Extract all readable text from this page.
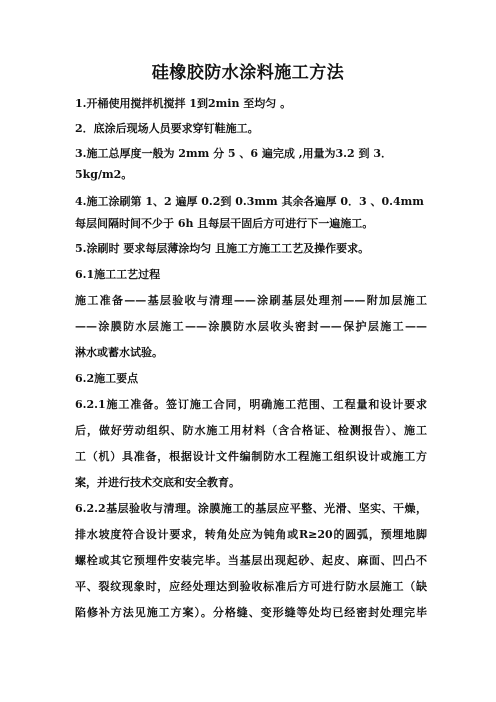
硅橡胶防水涂料施工方法
1.开桶使用搅拌机搅拌 1到2min 至均匀 。
2．底涂后现场人员要求穿钉鞋施工。
3.施工总厚度一般为 2mm 分 5 、6 遍完成 ,用量为3.2 到 3．
5kg/m2。
4.施工涂刷第 1、2 遍厚 0.2到 0.3mm 其余各遍厚 0．3 、0.4mm
每层间隔时间不少于 6h 且每层干固后方可进行下一遍施工。
5.涂刷时 要求每层薄涂均匀 且施工方施工工艺及操作要求。
6.1施工工艺过程
施工准备——基层验收与清理——涂刷基层处理剂——附加层施工
——涂膜防水层施工——涂膜防水层收头密封——保护层施工——
淋水或蓄水试验。
6.2施工要点
6.2.1施工准备。签订施工合同，明确施工范围、工程量和设计要求
后，做好劳动组织、防水施工用材料（含合格证、检测报告）、施工
工（机）具准备，根据设计文件编制防水工程施工组织设计或施工方
案，并进行技术交底和安全教育。
6.2.2基层验收与清理。涂膜施工的基层应平整、光滑、坚实、干燥，
排水坡度符合设计要求，转角处应为钝角或R≥20的圆弧，预埋地脚
螺栓或其它预埋件安装完毕。当基层出现起砂、起皮、麻面、凹凸不
平、裂纹现象时，应经处理达到验收标准后方可进行防水层施工（缺
陷修补方法见施工方案）。分格缝、变形缝等处均已经密封处理完毕
